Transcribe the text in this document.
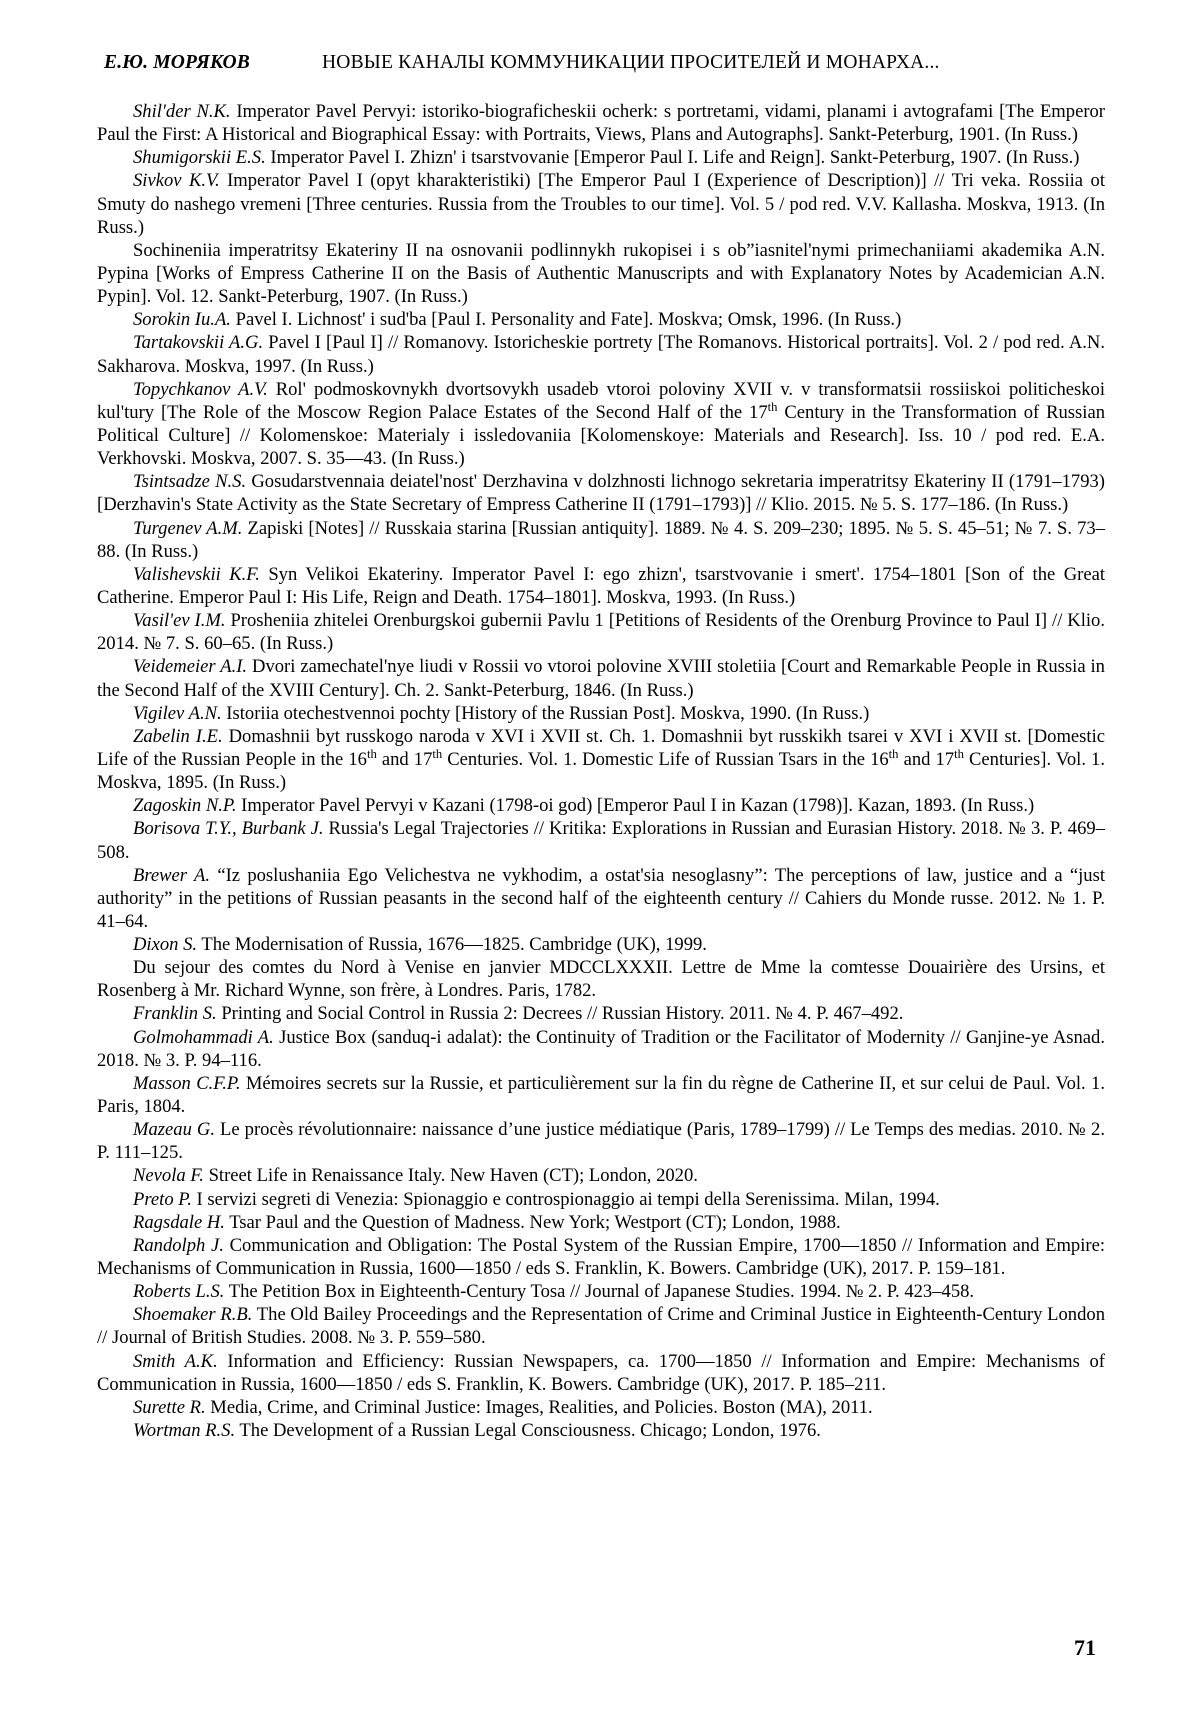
Е.Ю. МОРЯКОВ	НОВЫЕ КАНАЛЫ КОММУНИКАЦИИ ПРОСИТЕЛЕЙ И МОНАРХА...

Shil'der N.K. Imperator Pavel Pervyi: istoriko-biograficheskii ocherk: s portretami, vidami, planami i avtografami [The Emperor Paul the First: A Historical and Biographical Essay: with Portraits, Views, Plans and Autographs]. Sankt-Peterburg, 1901. (In Russ.)

Shumigorskii E.S. Imperator Pavel I. Zhizn' i tsarstvovanie [Emperor Paul I. Life and Reign]. Sankt-Peterburg, 1907. (In Russ.)

Sivkov K.V. Imperator Pavel I (opyt kharakteristiki) [The Emperor Paul I (Experience of Description)] // Tri veka. Rossiia ot Smuty do nashego vremeni [Three centuries. Russia from the Troubles to our time]. Vol. 5 / pod red. V.V. Kallasha. Moskva, 1913. (In Russ.)

Sochineniia imperatritsy Ekateriny II na osnovanii podlinnykh rukopisei i s ob”iasnitel'nymi primechaniiami akademika A.N. Pypina [Works of Empress Catherine II on the Basis of Authentic Manuscripts and with Explanatory Notes by Academician A.N. Pypin]. Vol. 12. Sankt-Peterburg, 1907. (In Russ.)

Sorokin Iu.A. Pavel I. Lichnost' i sud'ba [Paul I. Personality and Fate]. Moskva; Omsk, 1996. (In Russ.)

Tartakovskii A.G. Pavel I [Paul I] // Romanovy. Istoricheskie portrety [The Romanovs. Historical portraits]. Vol. 2 / pod red. A.N. Sakharova. Moskva, 1997. (In Russ.)

Topychkanov A.V. Rol' podmoskovnykh dvortsovykh usadeb vtoroi poloviny XVII v. v transformatsii rossiiskoi politicheskoi kul'tury [The Role of the Moscow Region Palace Estates of the Second Half of the 17th Century in the Transformation of Russian Political Culture] // Kolomenskoe: Materialy i issledovaniia [Kolomenskoye: Materials and Research]. Iss. 10 / pod red. E.A. Verkhovski. Moskva, 2007. S. 35—43. (In Russ.)

Tsintsadze N.S. Gosudarstvennaia deiatel'nost' Derzhavina v dolzhnosti lichnogo sekretaria imperatritsy Ekateriny II (1791–1793) [Derzhavin's State Activity as the State Secretary of Empress Catherine II (1791–1793)] // Klio. 2015. № 5. S. 177–186. (In Russ.)

Turgenev A.M. Zapiski [Notes] // Russkaia starina [Russian antiquity]. 1889. № 4. S. 209–230; 1895. № 5. S. 45–51; № 7. S. 73–88. (In Russ.)

Valishevskii K.F. Syn Velikoi Ekateriny. Imperator Pavel I: ego zhizn', tsarstvovanie i smert'. 1754–1801 [Son of the Great Catherine. Emperor Paul I: His Life, Reign and Death. 1754–1801]. Moskva, 1993. (In Russ.)

Vasil'ev I.M. Prosheniia zhitelei Orenburgskoi gubernii Pavlu 1 [Petitions of Residents of the Orenburg Province to Paul I] // Klio. 2014. № 7. S. 60–65. (In Russ.)

Veidemeier A.I. Dvori zamechatel'nye liudi v Rossii vo vtoroi polovine XVIII stoletiia [Court and Remarkable People in Russia in the Second Half of the XVIII Century]. Ch. 2. Sankt-Peterburg, 1846. (In Russ.)

Vigilev A.N. Istoriia otechestvennoi pochty [History of the Russian Post]. Moskva, 1990. (In Russ.)

Zabelin I.E. Domashnii byt russkogo naroda v XVI i XVII st. Ch. 1. Domashnii byt russkikh tsarei v XVI i XVII st. [Domestic Life of the Russian People in the 16th and 17th Centuries. Vol. 1. Domestic Life of Russian Tsars in the 16th and 17th Centuries]. Vol. 1. Moskva, 1895. (In Russ.)

Zagoskin N.P. Imperator Pavel Pervyi v Kazani (1798-oi god) [Emperor Paul I in Kazan (1798)]. Kazan, 1893. (In Russ.)

Borisova T.Y., Burbank J. Russia's Legal Trajectories // Kritika: Explorations in Russian and Eurasian History. 2018. № 3. P. 469–508.

Brewer A. “Iz poslushaniia Ego Velichestva ne vykhodim, a ostat'sia nesoglasny”: The perceptions of law, justice and a “just authority” in the petitions of Russian peasants in the second half of the eighteenth century // Cahiers du Monde russe. 2012. № 1. P. 41–64.

Dixon S. The Modernisation of Russia, 1676—1825. Cambridge (UK), 1999.

Du sejour des comtes du Nord à Venise en janvier MDCCLXXXII. Lettre de Mme la comtesse Douairière des Ursins, et Rosenberg à Mr. Richard Wynne, son frère, à Londres. Paris, 1782.

Franklin S. Printing and Social Control in Russia 2: Decrees // Russian History. 2011. № 4. P. 467–492.

Golmohammadi A. Justice Box (sanduq-i adalat): the Continuity of Tradition or the Facilitator of Modernity // Ganjine-ye Asnad. 2018. № 3. P. 94–116.

Masson C.F.P. Mémoires secrets sur la Russie, et particulièrement sur la fin du règne de Catherine II, et sur celui de Paul. Vol. 1. Paris, 1804.

Mazeau G. Le procès révolutionnaire: naissance d’une justice médiatique (Paris, 1789–1799) // Le Temps des medias. 2010. № 2. P. 111–125.

Nevola F. Street Life in Renaissance Italy. New Haven (CT); London, 2020.

Preto P. I servizi segreti di Venezia: Spionaggio e controspionaggio ai tempi della Serenissima. Milan, 1994.

Ragsdale H. Tsar Paul and the Question of Madness. New York; Westport (CT); London, 1988.

Randolph J. Communication and Obligation: The Postal System of the Russian Empire, 1700—1850 // Information and Empire: Mechanisms of Communication in Russia, 1600—1850 / eds S. Franklin, K. Bowers. Cambridge (UK), 2017. P. 159–181.

Roberts L.S. The Petition Box in Eighteenth-Century Tosa // Journal of Japanese Studies. 1994. № 2. P. 423–458.

Shoemaker R.B. The Old Bailey Proceedings and the Representation of Crime and Criminal Justice in Eighteenth-Century London // Journal of British Studies. 2008. № 3. P. 559–580.

Smith A.K. Information and Efficiency: Russian Newspapers, ca. 1700—1850 // Information and Empire: Mechanisms of Communication in Russia, 1600—1850 / eds S. Franklin, K. Bowers. Cambridge (UK), 2017. P. 185–211.

Surette R. Media, Crime, and Criminal Justice: Images, Realities, and Policies. Boston (MA), 2011.

Wortman R.S. The Development of a Russian Legal Consciousness. Chicago; London, 1976.

71
